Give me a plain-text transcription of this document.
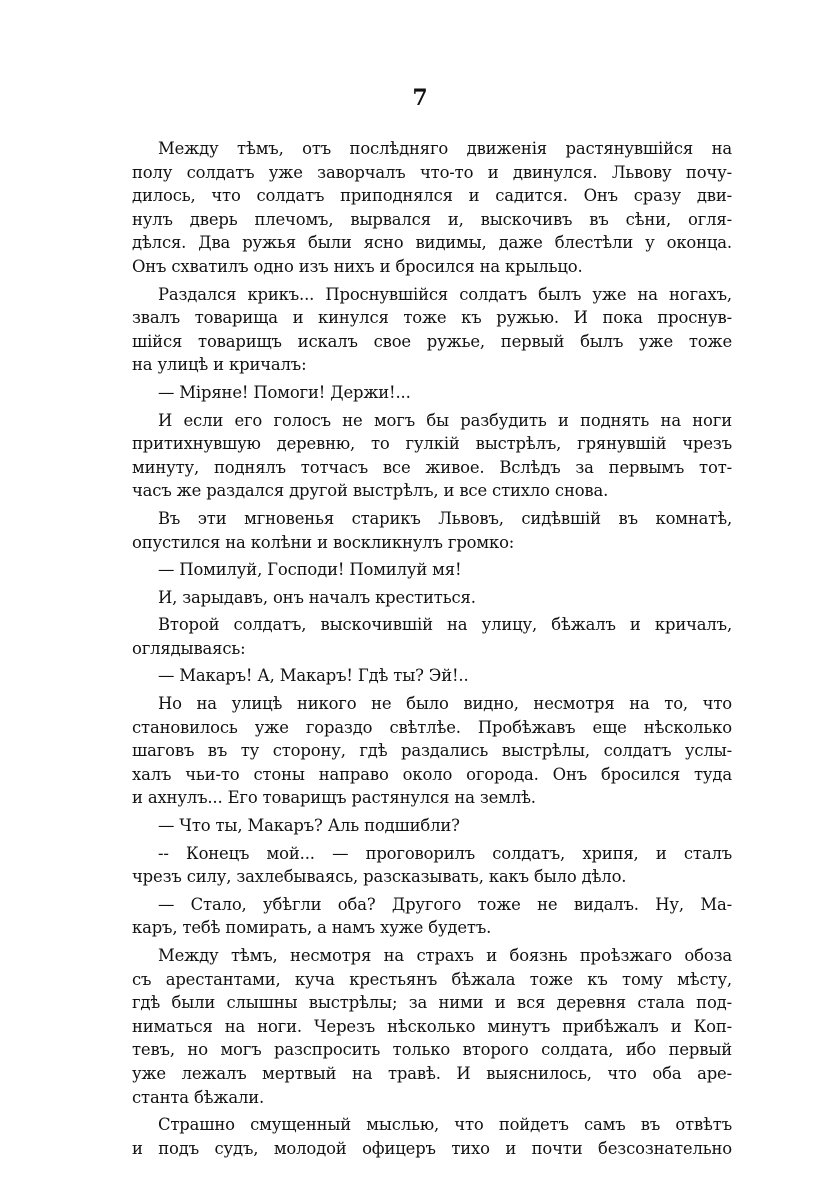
7
Между тѣмъ, отъ послѣдняго движенія растянувшійся на
полу солдатъ уже заворчалъ что-то и двинулся. Львову почу-
дилось, что солдатъ приподнялся и садится. Онъ сразу дви-
нулъ дверь плечомъ, вырвался и, выскочивъ въ сѣни, огля-
дѣлся. Два ружья были ясно видимы, даже блестѣли у оконца.
Онъ схватилъ одно изъ нихъ и бросился на крыльцо.
Раздался крикъ... Проснувшійся солдатъ былъ уже на ногахъ,
звалъ товарища и кинулся тоже къ ружью. И пока проснув-
шійся товарищъ искалъ свое ружье, первый былъ уже тоже
на улицѣ и кричалъ:
— Міряне! Помоги! Держи!...
И если его голосъ не могъ бы разбудить и поднять на ноги
притихнувшую деревню, то гулкій выстрѣлъ, грянувшій чрезъ
минуту, поднялъ тотчасъ все живое. Вслѣдъ за первымъ тот-
часъ же раздался другой выстрѣлъ, и все стихло снова.
Въ эти мгновенья старикъ Львовъ, сидѣвшій въ комнатѣ,
опустился на колѣни и воскликнулъ громко:
— Помилуй, Господи! Помилуй мя!
И, зарыдавъ, онъ началъ креститься.
Второй солдатъ, выскочившій на улицу, бѣжалъ и кричалъ,
оглядываясь:
— Макаръ! А, Макаръ! Гдѣ ты? Эй!..
Но на улицѣ никого не было видно, несмотря на то, что
становилось уже гораздо свѣтлѣе. Пробѣжавъ еще нѣсколько
шаговъ въ ту сторону, гдѣ раздались выстрѣлы, солдатъ услы-
халъ чьи-то стоны направо около огорода. Онъ бросился туда
и ахнулъ... Его товарищъ растянулся на землѣ.
— Что ты, Макаръ? Аль подшибли?
-- Конецъ мой... — проговорилъ солдатъ, хрипя, и сталъ
чрезъ силу, захлебываясь, разсказывать, какъ было дѣло.
— Стало, убѣгли оба? Другого тоже не видалъ. Ну, Ма-
каръ, тебѣ помирать, а намъ хуже будетъ.
Между тѣмъ, несмотря на страхъ и боязнь проѣзжаго обоза
съ арестантами, куча крестьянъ бѣжала тоже къ тому мѣсту,
гдѣ были слышны выстрѣлы; за ними и вся деревня стала под-
ниматься на ноги. Черезъ нѣсколько минутъ прибѣжалъ и Коп-
тевъ, но могъ разспросить только второго солдата, ибо первый
уже лежалъ мертвый на травѣ. И выяснилось, что оба аре-
станта бѣжали.
Страшно смущенный мыслью, что пойдетъ самъ въ отвѣтъ
и подъ судъ, молодой офицеръ тихо и почти безсознательно
